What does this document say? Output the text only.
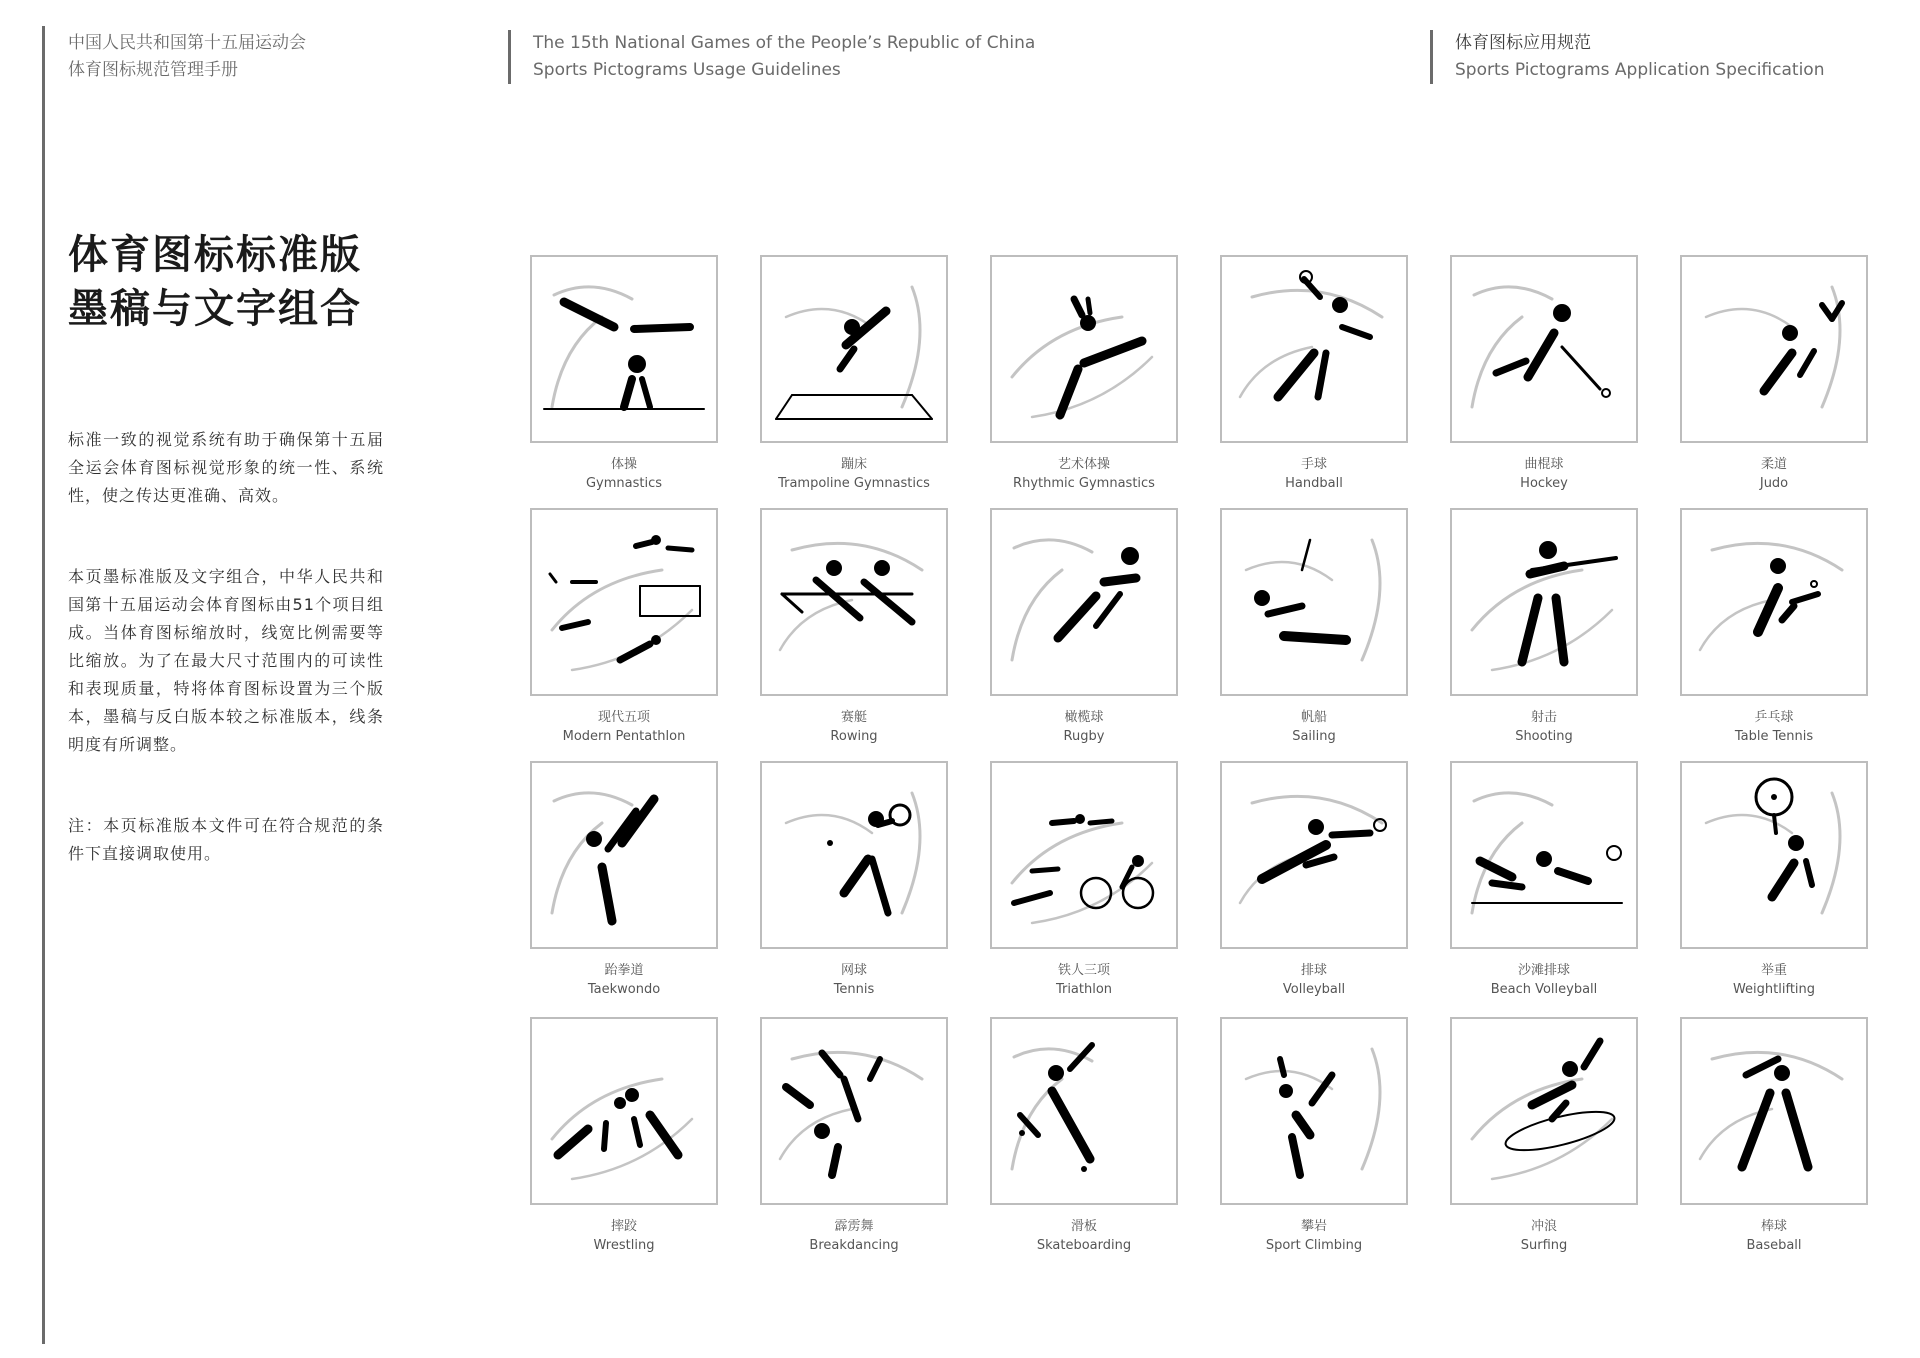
中国人民共和国第十五届运动会
体育图标规范管理手册
The 15th National Games of the People’s Republic of China
Sports Pictograms Usage Guidelines
体育图标应用规范
Sports Pictograms Application Specification
体育图标标准版
墨稿与文字组合

标准一致的视觉系统有助于确保第十五届全运会体育图标视觉形象的统一性、系统性，使之传达更准确、高效。

本页墨标准版及文字组合，中华人民共和国第十五届运动会体育图标由51个项目组成。当体育图标缩放时，线宽比例需要等比缩放。为了在最大尺寸范围内的可读性和表现质量，特将体育图标设置为三个版本，墨稿与反白版本较之标准版本，线条明度有所调整。

注：本页标准版本文件可在符合规范的条件下直接调取使用。

体操
Gymnastics
蹦床
Trampoline Gymnastics
艺术体操
Rhythmic Gymnastics
手球
Handball
曲棍球
Hockey
柔道
Judo
现代五项
Modern Pentathlon
赛艇
Rowing
橄榄球
Rugby
帆船
Sailing
射击
Shooting
乒乓球
Table Tennis
跆拳道
Taekwondo
网球
Tennis
铁人三项
Triathlon
排球
Volleyball
沙滩排球
Beach Volleyball
举重
Weightlifting
摔跤
Wrestling
霹雳舞
Breakdancing
滑板
Skateboarding
攀岩
Sport Climbing
冲浪
Surfing
棒球
Baseball
